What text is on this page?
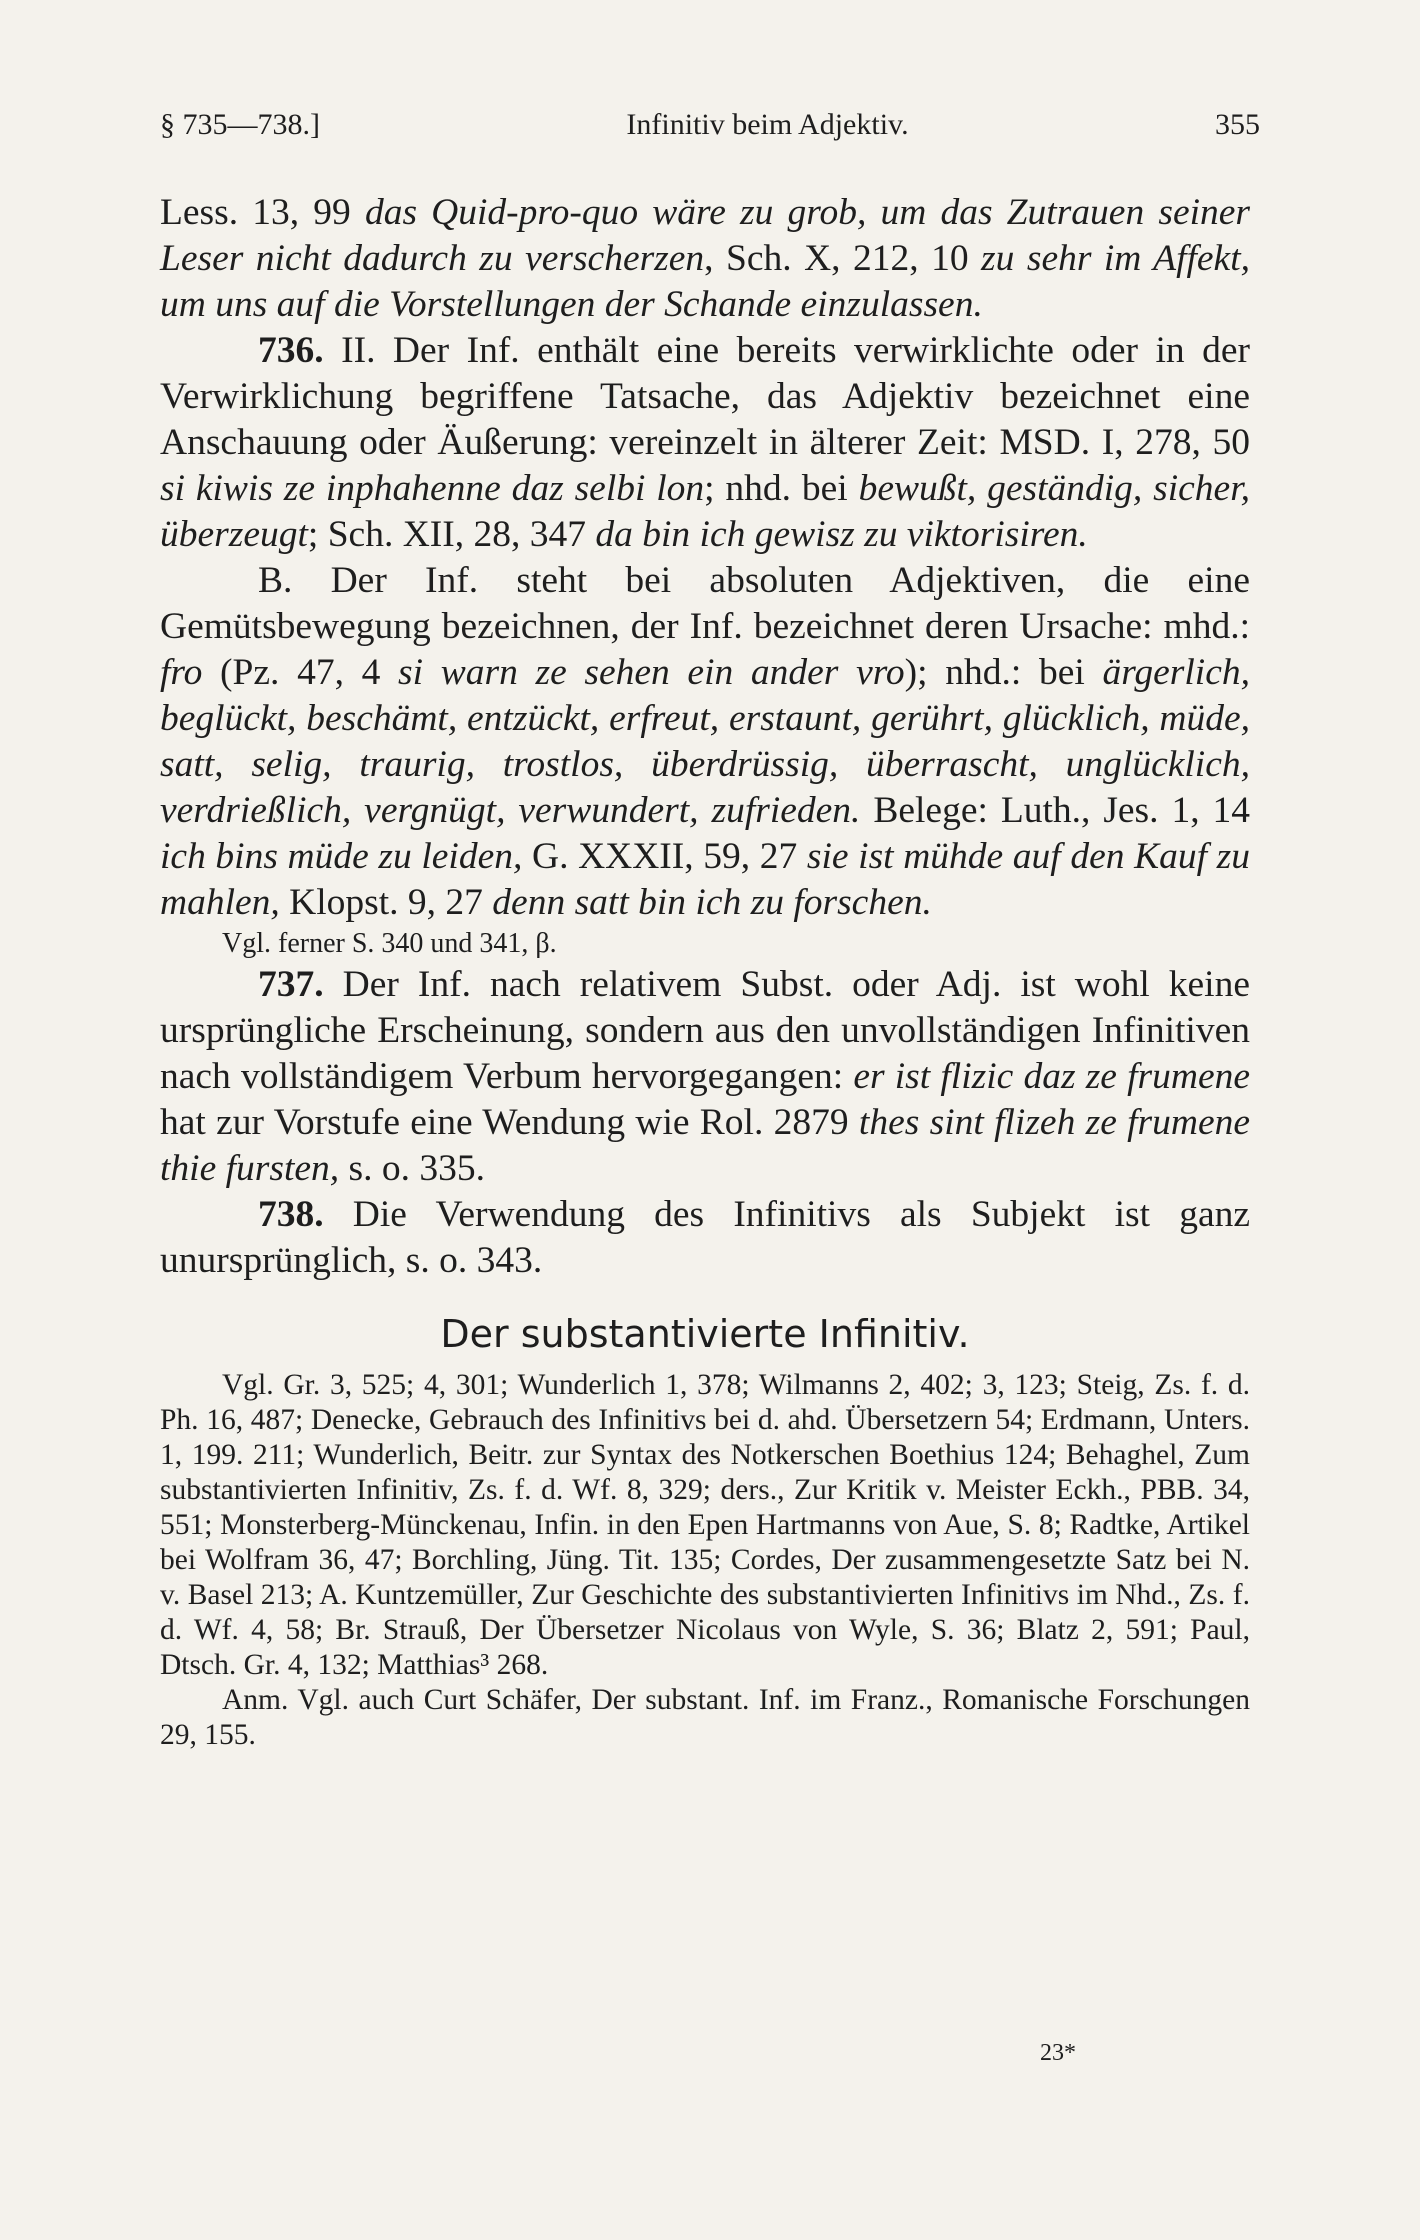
§ 735—738.]	Infinitiv beim Adjektiv.	355

Less. 13, 99 das Quid-pro-quo wäre zu grob, um das Zutrauen seiner Leser nicht dadurch zu verscherzen, Sch. X, 212, 10 zu sehr im Affekt, um uns auf die Vorstellungen der Schande einzulassen.

736. II. Der Inf. enthält eine bereits verwirklichte oder in der Verwirklichung begriffene Tatsache, das Adjektiv bezeichnet eine Anschauung oder Äußerung: vereinzelt in älterer Zeit: MSD. I, 278, 50 si kiwis ze inphahenne daz selbi lon; nhd. bei bewußt, geständig, sicher, überzeugt; Sch. XII, 28, 347 da bin ich gewisz zu viktorisiren.

B. Der Inf. steht bei absoluten Adjektiven, die eine Gemütsbewegung bezeichnen, der Inf. bezeichnet deren Ursache: mhd.: fro (Pz. 47, 4 si warn ze sehen ein ander vro); nhd.: bei ärgerlich, beglückt, beschämt, entzückt, erfreut, erstaunt, gerührt, glücklich, müde, satt, selig, traurig, trostlos, überdrüssig, überrascht, unglücklich, verdrießlich, vergnügt, verwundert, zufrieden. Belege: Luth., Jes. 1, 14 ich bins müde zu leiden, G. XXXII, 59, 27 sie ist mühde auf den Kauf zu mahlen, Klopst. 9, 27 denn satt bin ich zu forschen.

Vgl. ferner S. 340 und 341, β.

737. Der Inf. nach relativem Subst. oder Adj. ist wohl keine ursprüngliche Erscheinung, sondern aus den unvollständigen Infinitiven nach vollständigem Verbum hervorgegangen: er ist flizic daz ze frumene hat zur Vorstufe eine Wendung wie Rol. 2879 thes sint flizeh ze frumene thie fursten, s. o. 335.

738. Die Verwendung des Infinitivs als Subjekt ist ganz unursprünglich, s. o. 343.

Der substantivierte Infinitiv.

Vgl. Gr. 3, 525; 4, 301; Wunderlich 1, 378; Wilmanns 2, 402; 3, 123; Steig, Zs. f. d. Ph. 16, 487; Denecke, Gebrauch des Infinitivs bei d. ahd. Übersetzern 54; Erdmann, Unters. 1, 199. 211; Wunderlich, Beitr. zur Syntax des Notkerschen Boethius 124; Behaghel, Zum substantivierten Infinitiv, Zs. f. d. Wf. 8, 329; ders., Zur Kritik v. Meister Eckh., PBB. 34, 551; Monsterberg-Münckenau, Infin. in den Epen Hartmanns von Aue, S. 8; Radtke, Artikel bei Wolfram 36, 47; Borchling, Jüng. Tit. 135; Cordes, Der zusammengesetzte Satz bei N. v. Basel 213; A. Kuntzemüller, Zur Geschichte des substantivierten Infinitivs im Nhd., Zs. f. d. Wf. 4, 58; Br. Strauß, Der Übersetzer Nicolaus von Wyle, S. 36; Blatz 2, 591; Paul, Dtsch. Gr. 4, 132; Matthias³ 268.

Anm. Vgl. auch Curt Schäfer, Der substant. Inf. im Franz., Romanische Forschungen 29, 155.

23*
